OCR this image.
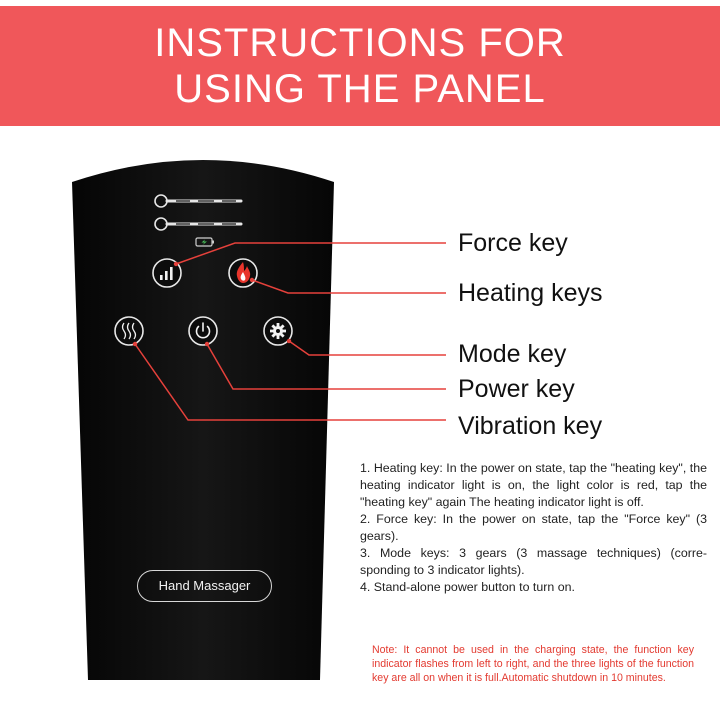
INSTRUCTIONS FOR
USING THE PANEL
Hand Massager
Force key
Heating keys
Mode key
Power key
Vibration key

1. Heating key: In the power on state, tap the "heating key", the heating indicator light is on, the light color is red, tap the "heating key" again The heating indicator light is off.

2. Force key: In the power on state, tap the "Force key" (3 gears).

3. Mode keys: 3 gears (3 massage techniques) (corre-sponding to 3 indicator lights).

4. Stand-alone power button to turn on.

Note: It cannot be used in the charging state, the function key indicator flashes from left to right, and the three lights of the function key are all on when it is full.Automatic shutdown in 10 minutes.
